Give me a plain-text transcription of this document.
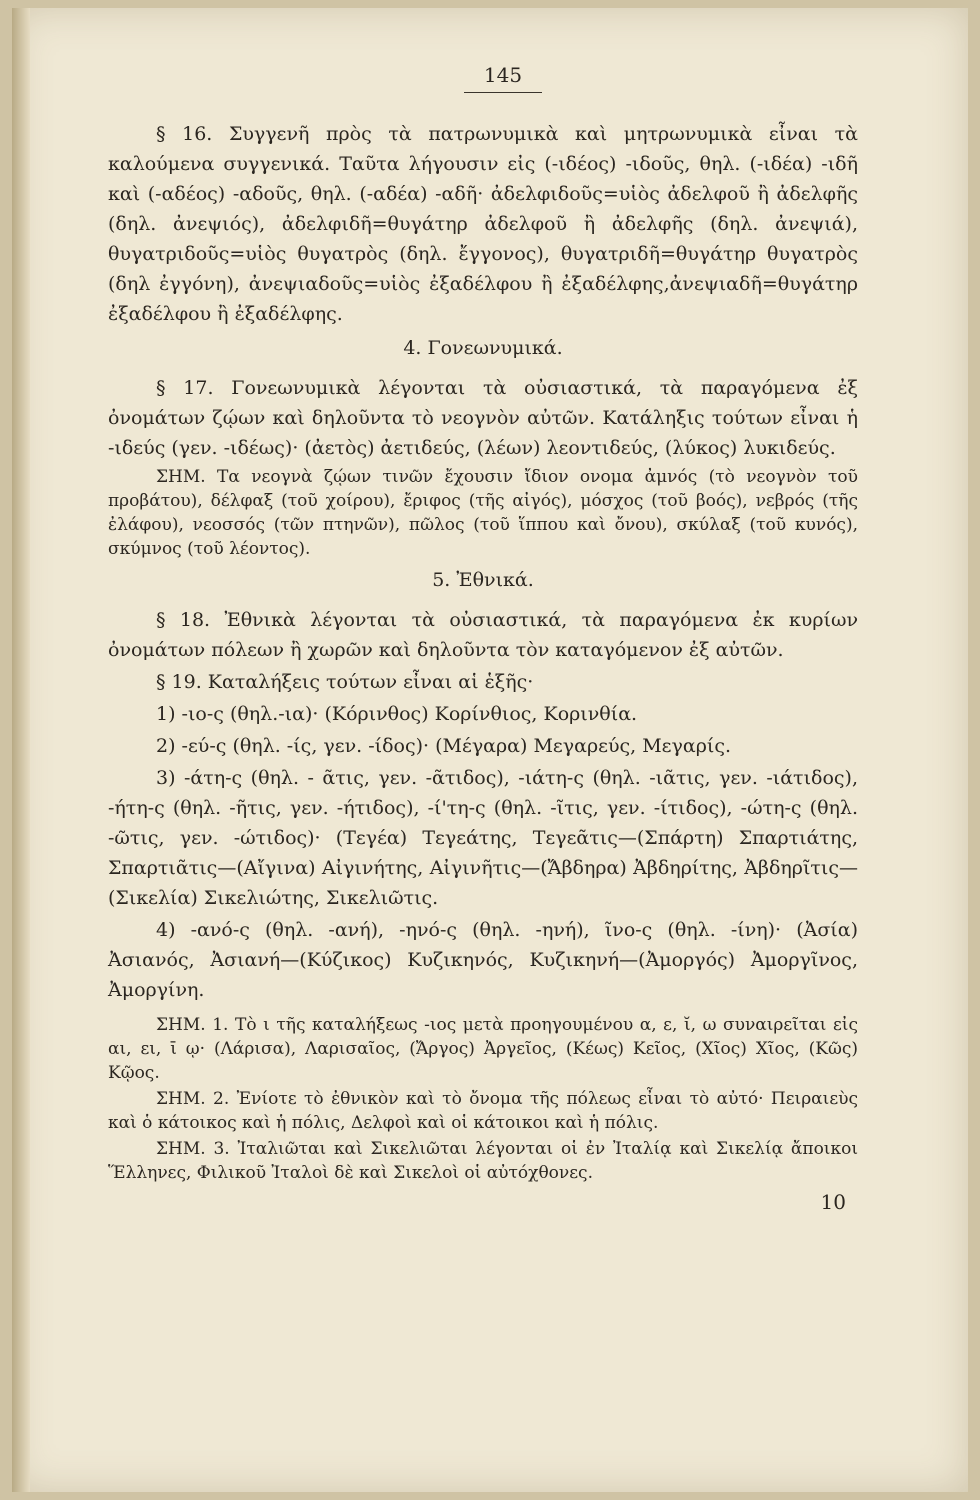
145

§ 16. Συγγενῆ πρὸς τὰ πατρωνυμικὰ καὶ μητρωνυμικὰ εἶναι τὰ καλούμενα συγγενικά. Ταῦτα λήγουσιν εἰς (-ιδέος) -ιδοῦς, θηλ. (-ιδέα) -ιδῆ καὶ (-αδέος) -αδοῦς, θηλ. (-αδέα) -αδῆ· ἀδελφιδοῦς=υἱὸς ἀδελφοῦ ἢ ἀδελφῆς (δηλ. ἀνεψιός), ἀδελφιδῆ=θυγάτηρ ἀδελφοῦ ἢ ἀδελφῆς (δηλ. ἀνεψιά), θυγατριδοῦς=υἱὸς θυγατρὸς (δηλ. ἔγγονος), θυγατριδῆ=θυγάτηρ θυγατρὸς (δηλ ἐγγόνη), ἀνεψιαδοῦς=υἱὸς ἐξαδέλφου ἢ ἐξαδέλφης,ἀνεψιαδῆ=θυγάτηρ ἐξαδέλφου ἢ ἐξαδέλφης.

4. Γονεωνυμικά.

§ 17. Γονεωνυμικὰ λέγονται τὰ οὐσιαστικά, τὰ παραγόμενα ἐξ ὀνομάτων ζῴων καὶ δηλοῦντα τὸ νεογνὸν αὐτῶν. Κατάληξις τούτων εἶναι ἡ -ιδεύς (γεν. -ιδέως)· (ἀετὸς) ἀετιδεύς, (λέων) λεοντιδεύς, (λύκος) λυκιδεύς.

ΣΗΜ. Τα νεογνὰ ζῴων τινῶν ἔχουσιν ἴδιον ονομα ἀμνός (τὸ νεογνὸν τοῦ προβάτου), δέλφαξ (τοῦ χοίρου), ἔριφος (τῆς αἰγός), μόσχος (τοῦ βοός), νεβρός (τῆς ἐλάφου), νεοσσός (τῶν πτηνῶν), πῶλος (τοῦ ἵππου καὶ ὄνου), σκύλαξ (τοῦ κυνός), σκύμνος (τοῦ λέοντος).

5. Ἐθνικά.

§ 18. Ἐθνικὰ λέγονται τὰ οὐσιαστικά, τὰ παραγόμενα ἐκ κυρίων ὀνομάτων πόλεων ἢ χωρῶν καὶ δηλοῦντα τὸν καταγόμενον ἐξ αὐτῶν.

§ 19. Καταλήξεις τούτων εἶναι αἱ ἑξῆς·

1) -ιο-ς (θηλ.-ια)· (Κόρινθος) Κορίνθιος, Κορινθία.

2) -εύ-ς (θηλ. -ίς, γεν. -ίδος)· (Μέγαρα) Μεγαρεύς, Μεγαρίς.

3) -άτη-ς (θηλ. - ᾶτις, γεν. -ᾶτιδος), -ιάτη-ς (θηλ. -ιᾶτις, γεν. -ιάτιδος), -ήτη-ς (θηλ. -ῆτις, γεν. -ήτιδος), -ί'τη-ς (θηλ. -ῖτις, γεν. -ίτιδος), -ώτη-ς (θηλ. -ῶτις, γεν. -ώτιδος)· (Τεγέα) Τεγεάτης, Τεγεᾶτις—(Σπάρτη) Σπαρτιάτης, Σπαρτιᾶτις—(Αἴγινα) Αἰγινήτης, Αἰγινῆτις—(Ἄβδηρα) Ἀβδηρίτης, Ἀβδηρῖτις—(Σικελία) Σικελιώτης, Σικελιῶτις.

4) -ανό-ς (θηλ. -ανή), -ηνό-ς (θηλ. -ηνή), ῖνο-ς (θηλ. -ίνη)· (Ἀσία) Ἀσιανός, Ἀσιανή—(Κύζικος) Κυζικηνός, Κυζικηνή—(Ἀμοργός) Ἀμοργῖνος, Ἀμοργίνη.

ΣΗΜ. 1. Τὸ ι τῆς καταλήξεως -ιος μετὰ προηγουμένου α, ε, ῐ, ω συναιρεῖται εἰς αι, ει, ῑ ῳ· (Λάρισα), Λαρισαῖος, (Ἄργος) Ἀργεῖος, (Κέως) Κεῖος, (Χῖος) Χῖος, (Κῶς) Κῷος.

ΣΗΜ. 2. Ἐνίοτε τὸ ἐθνικὸν καὶ τὸ ὄνομα τῆς πόλεως εἶναι τὸ αὐτό· Πειραιεὺς καὶ ὁ κάτοικος καὶ ἡ πόλις, Δελφοὶ καὶ οἱ κάτοικοι καὶ ἡ πόλις.

ΣΗΜ. 3. Ἰταλιῶται καὶ Σικελιῶται λέγονται οἱ ἐν Ἰταλίᾳ καὶ Σικελίᾳ ἄποικοι Ἕλληνες, Φιλικοῦ Ἰταλοὶ δὲ καὶ Σικελοὶ οἱ αὐτόχθονες.

10
